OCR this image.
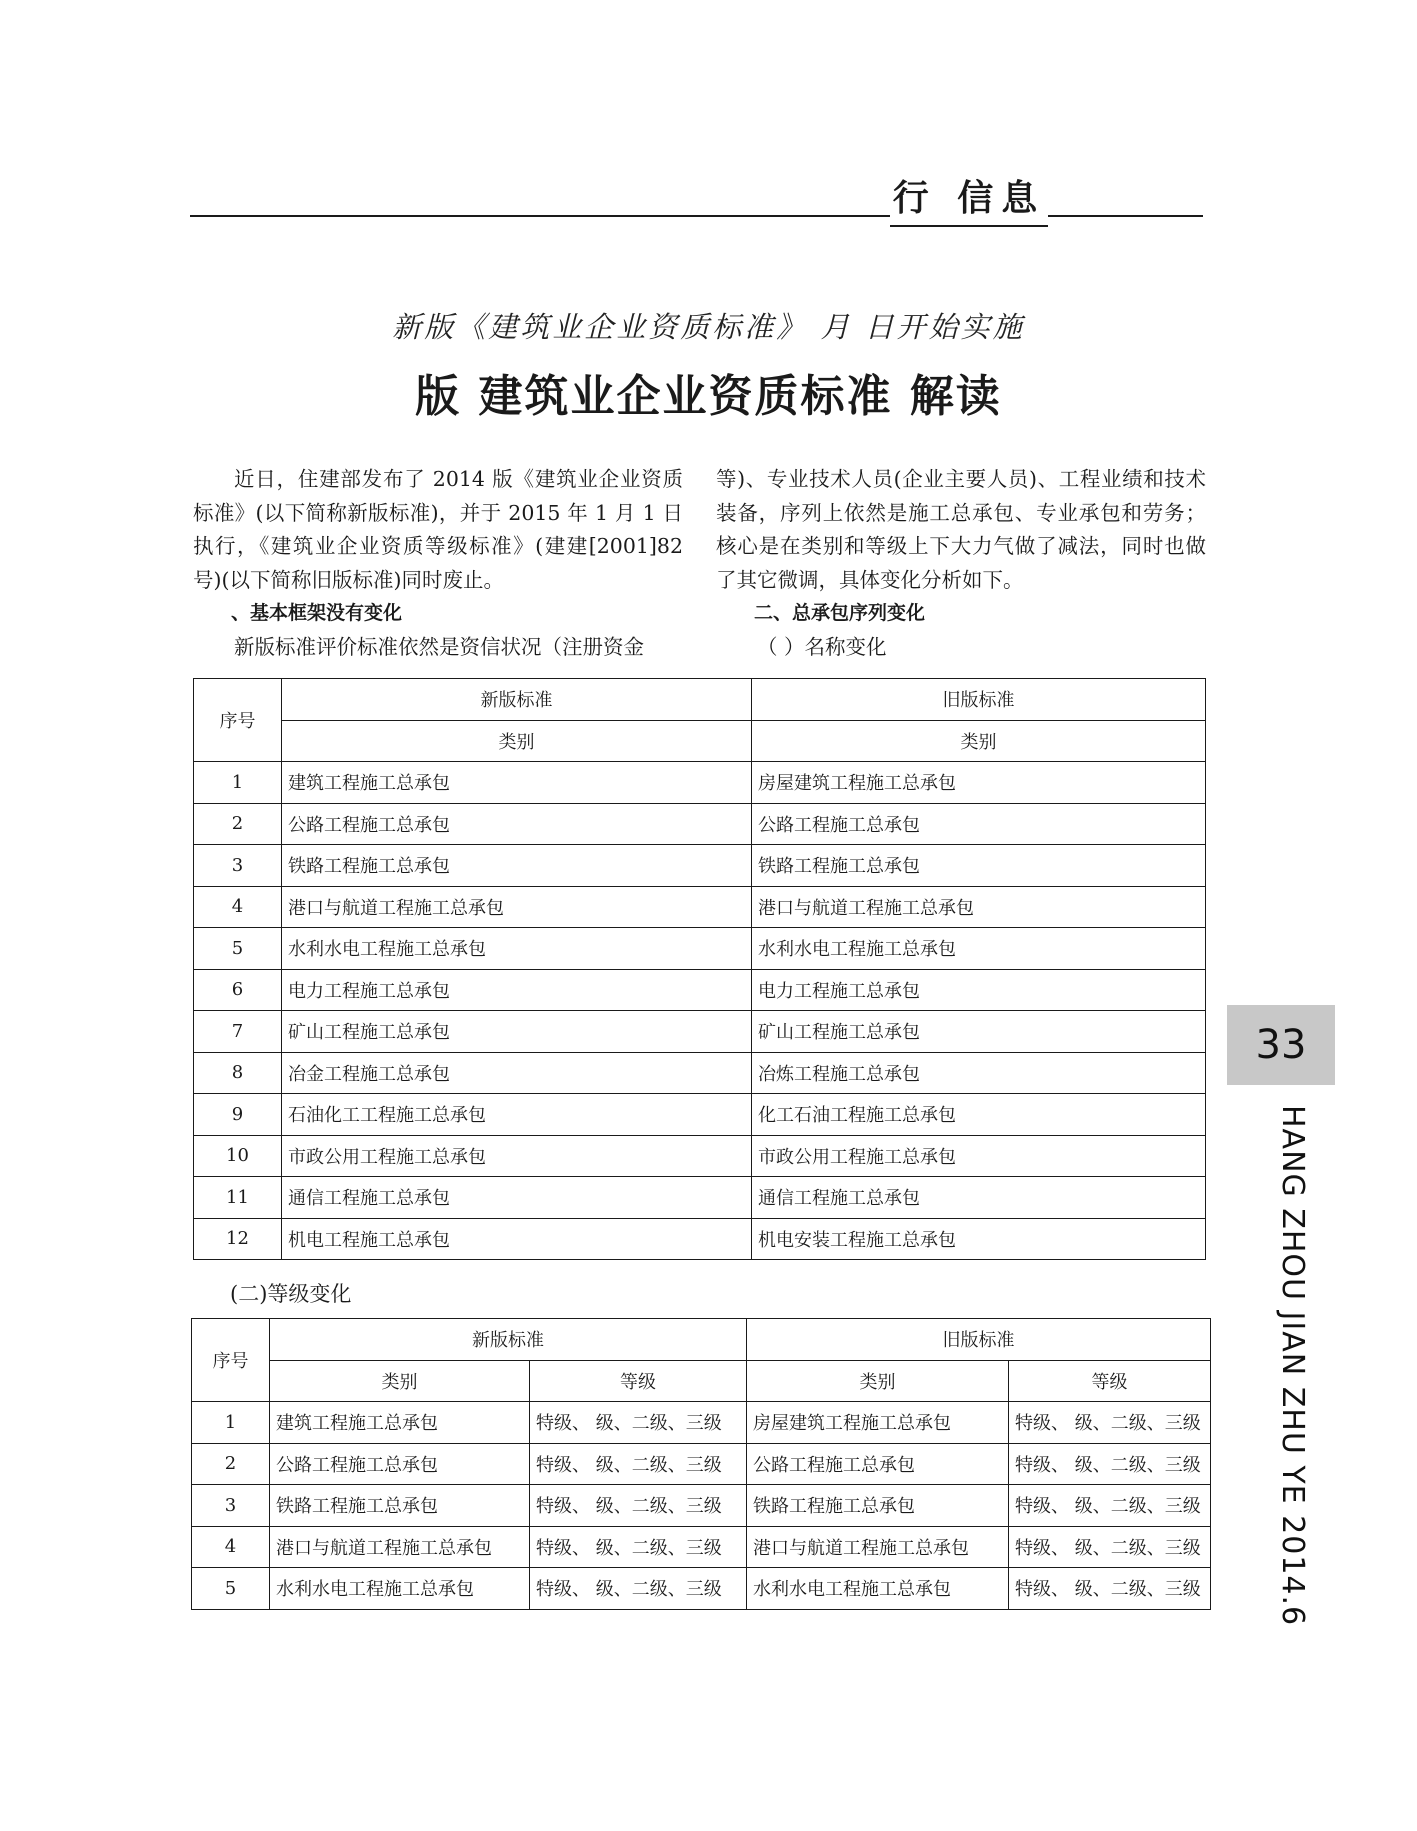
行 信息
新版《建筑业企业资质标准》 月 日开始实施
版 建筑业企业资质标准 解读

近日，住建部发布了 2014 版《建筑业企业资质标准》(以下简称新版标准)，并于 2015 年 1 月 1 日执行，《建筑业企业资质等级标准》(建建[2001]82 号)(以下简称旧版标准)同时废止。

、基本框架没有变化

新版标准评价标准依然是资信状况（注册资金

等)、专业技术人员(企业主要人员)、工程业绩和技术装备，序列上依然是施工总承包、专业承包和劳务；核心是在类别和等级上下大力气做了减法，同时也做了其它微调，具体变化分析如下。

二、总承包序列变化

（ ）名称变化

序号	新版标准	旧版标准
	类别	类别
1	建筑工程施工总承包	房屋建筑工程施工总承包
2	公路工程施工总承包	公路工程施工总承包
3	铁路工程施工总承包	铁路工程施工总承包
4	港口与航道工程施工总承包	港口与航道工程施工总承包
5	水利水电工程施工总承包	水利水电工程施工总承包
6	电力工程施工总承包	电力工程施工总承包
7	矿山工程施工总承包	矿山工程施工总承包
8	冶金工程施工总承包	冶炼工程施工总承包
9	石油化工工程施工总承包	化工石油工程施工总承包
10	市政公用工程施工总承包	市政公用工程施工总承包
11	通信工程施工总承包	通信工程施工总承包
12	机电工程施工总承包	机电安装工程施工总承包
(二)等级变化
序号	新版标准		旧版标准	
	类别	等级	类别	等级
1	建筑工程施工总承包	特级、 级、二级、三级	房屋建筑工程施工总承包	特级、 级、二级、三级
2	公路工程施工总承包	特级、 级、二级、三级	公路工程施工总承包	特级、 级、二级、三级
3	铁路工程施工总承包	特级、 级、二级、三级	铁路工程施工总承包	特级、 级、二级、三级
4	港口与航道工程施工总承包	特级、 级、二级、三级	港口与航道工程施工总承包	特级、 级、二级、三级
5	水利水电工程施工总承包	特级、 级、二级、三级	水利水电工程施工总承包	特级、 级、二级、三级
33
HANG ZHOU JIAN ZHU YE 2014.6
